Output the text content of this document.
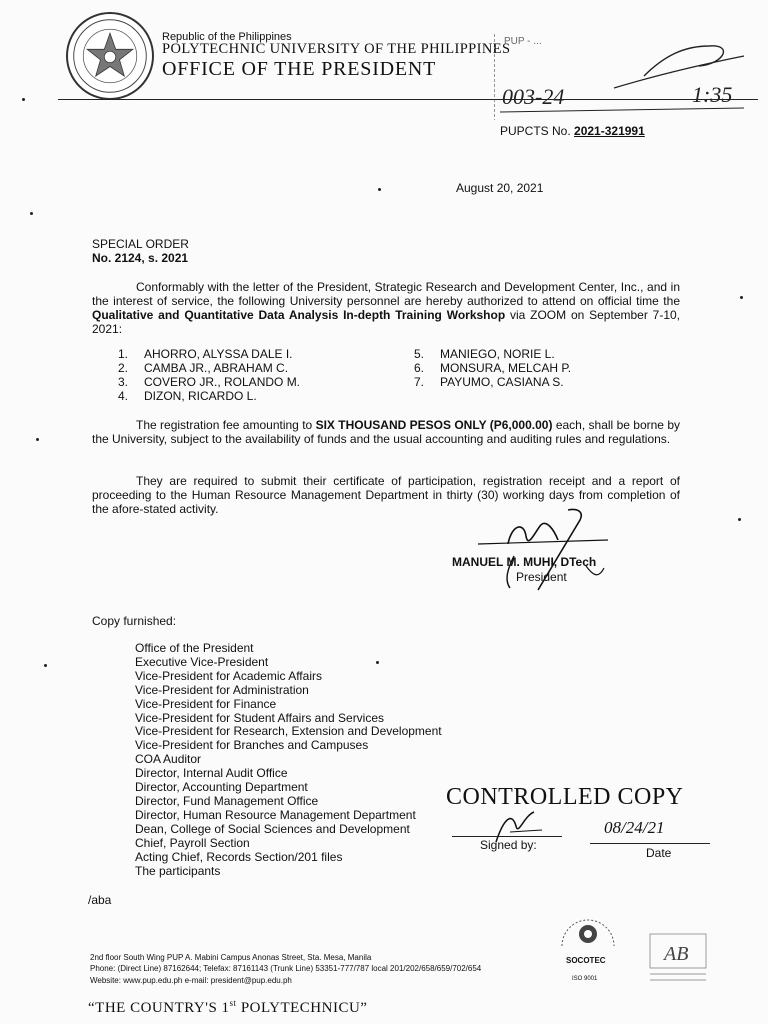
Republic of the Philippines
POLYTECHNIC UNIVERSITY OF THE PHILIPPINES
OFFICE OF THE PRESIDENT
PUP - ...
003-24	1:35
PUPCTS No. 2021-321991
August 20, 2021
SPECIAL ORDER
No. 2124, s. 2021
Conformably with the letter of the President, Strategic Research and Development Center, Inc., and in the interest of service, the following University personnel are hereby authorized to attend on official time the Qualitative and Quantitative Data Analysis In-depth Training Workshop via ZOOM on September 7-10, 2021:
1.	AHORRO, ALYSSA DALE I.
2.	CAMBA JR., ABRAHAM C.
3.	COVERO JR., ROLANDO M.
4.	DIZON, RICARDO L.
5.	MANIEGO, NORIE L.
6.	MONSURA, MELCAH P.
7.	PAYUMO, CASIANA S.
The registration fee amounting to SIX THOUSAND PESOS ONLY (P6,000.00) each, shall be borne by the University, subject to the availability of funds and the usual accounting and auditing rules and regulations.
They are required to submit their certificate of participation, registration receipt and a report of proceeding to the Human Resource Management Department in thirty (30) working days from completion of the afore-stated activity.
MANUEL M. MUHI, DTech
President
Copy furnished:
Office of the President
Executive Vice-President
Vice-President for Academic Affairs
Vice-President for Administration
Vice-President for Finance
Vice-President for Student Affairs and Services
Vice-President for Research, Extension and Development
Vice-President for Branches and Campuses
COA Auditor
Director, Internal Audit Office
Director, Accounting Department
Director, Fund Management Office
Director, Human Resource Management Department
Dean, College of Social Sciences and Development
Chief, Payroll Section
Acting Chief, Records Section/201 files
The participants
CONTROLLED COPY
Signed by:
08/24/21
Date
/aba
2nd floor South Wing PUP A. Mabini Campus Anonas Street, Sta. Mesa, Manila
Phone: (Direct Line) 87162644; Telefax: 87161143 (Trunk Line) 53351-777/787 local 201/202/658/659/702/654
Website: www.pup.edu.ph e-mail: president@pup.edu.ph
“THE COUNTRY'S 1st POLYTECHNICU”
SOCOTEC
ISO 9001
AB
